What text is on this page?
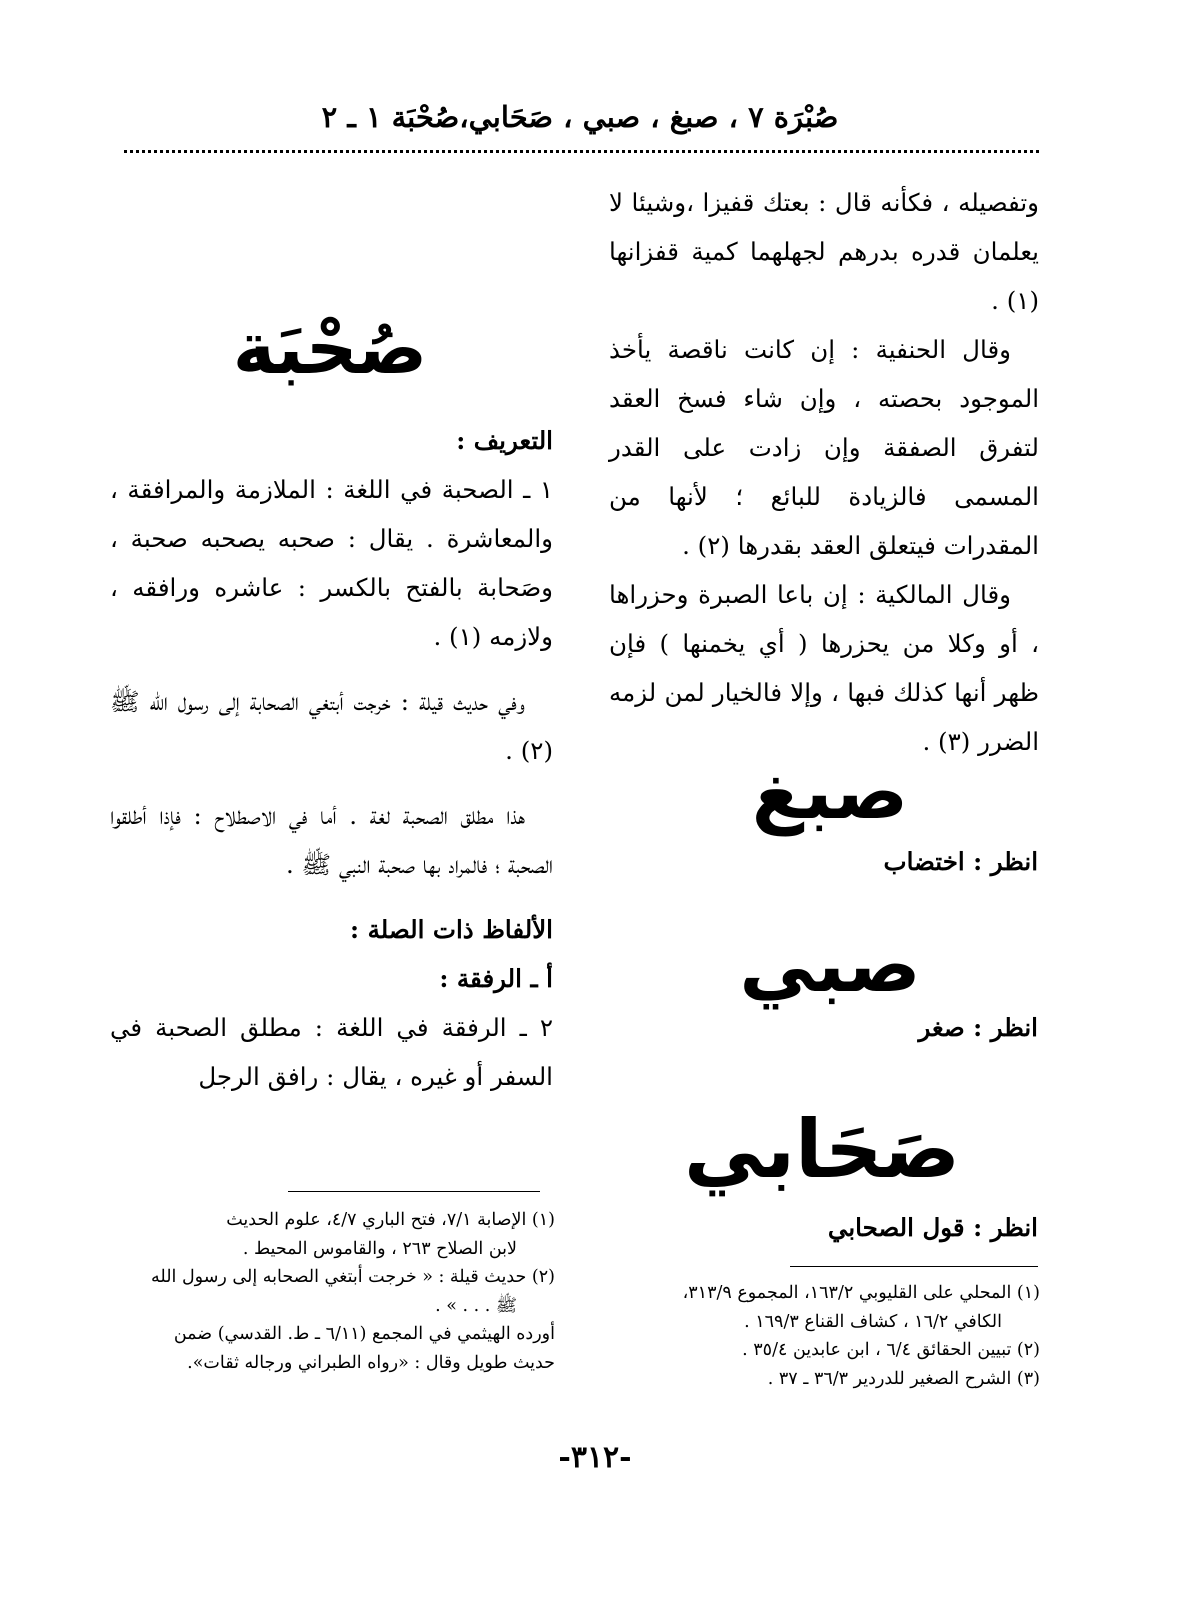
صُبْرَة ٧ ، صبغ ، صبي ، صَحَابي،صُحْبَة ١ ـ ٢

وتفصيله ، فكأنه قال : بعتك قفيزا ،وشيئا لا يعلمان قدره بدرهم لجهلهما كمية قفزانها (١) .

وقال الحنفية : إن كانت ناقصة يأخذ الموجود بحصته ، وإن شاء فسخ العقد لتفرق الصفقة وإن زادت على القدر المسمى فالزيادة للبائع ؛ لأنها من المقدرات فيتعلق العقد بقدرها (٢) .

وقال المالكية : إن باعا الصبرة وحزراها ، أو وكلا من يحزرها ( أي يخمنها ) فإن ظهر أنها كذلك فبها ، وإلا فالخيار لمن لزمه الضرر (٣) .

صبغ
انظر : اختضاب
صبي
انظر : صغر
صَحَابي
انظر : قول الصحابي
صُحْبَة

التعريف :

١ ـ الصحبة في اللغة : الملازمة والمرافقة ، والمعاشرة . يقال : صحبه يصحبه صحبة ، وصَحابة بالفتح بالكسر : عاشره ورافقه ، ولازمه (١) .

وفي حديث قيلة : خرجت أبتغي الصحابة إلى رسول الله ﷺ (٢) .

هذا مطلق الصحبة لغة . أما في الاصطلاح : فإذا أطلقوا الصحبة ؛ فالمراد بها صحبة النبي ﷺ .

الألفاظ ذات الصلة :

أ ـ الرفقة :

٢ ـ الرفقة في اللغة : مطلق الصحبة في السفر أو غيره ، يقال : رافق الرجل

(١) الإصابة ٧/١، فتح الباري ٤/٧، علوم الحديث

لابن الصلاح ٢٦٣ ، والقاموس المحيط .

(٢) حديث قيلة : « خرجت أبتغي الصحابه إلى رسول الله

ﷺ . . . » .

أورده الهيثمي في المجمع (٦/١١ ـ ط. القدسي) ضمن

حديث طويل وقال : «رواه الطبراني ورجاله ثقات».

(١) المحلي على القليوبي ١٦٣/٢، المجموع ٣١٣/٩،

الكافي ١٦/٢ ، كشاف القناع ١٦٩/٣ .

(٢) تبيين الحقائق ٦/٤ ، ابن عابدين ٣٥/٤ .

(٣) الشرح الصغير للدردير ٣٦/٣ ـ ٣٧ .

-٣١٢-
